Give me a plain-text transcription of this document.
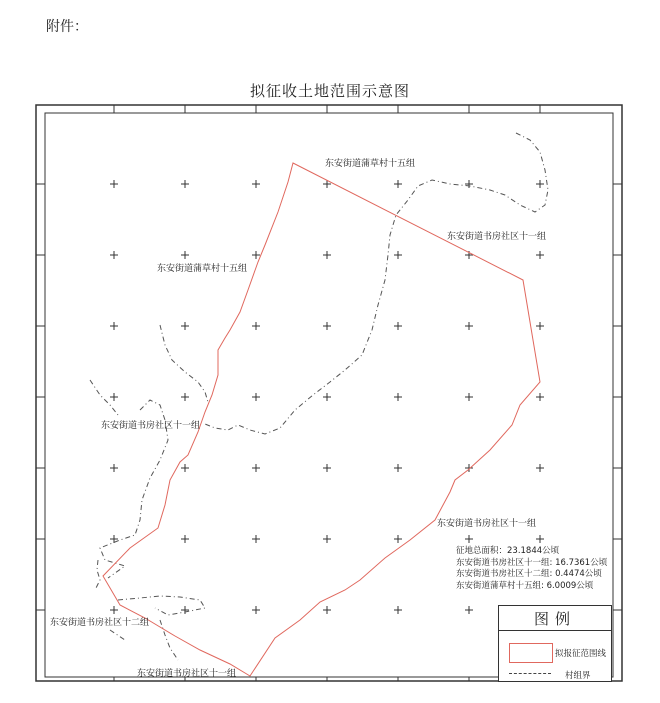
附件：
拟征收土地范围示意图
东安街道蒲草村十五组
东安街道书房社区十一组
东安街道蒲草村十五组
东安街道书房社区十一组
东安街道书房社区十一组
东安街道书房社区十二组
东安街道书房社区十一组
征地总面积：23.1844公顷
东安街道书房社区十一组: 16.7361公顷
东安街道书房社区十二组: 0.4474公顷
东安街道蒲草村十五组: 6.0009公顷
图例
拟报征范围线
村组界
